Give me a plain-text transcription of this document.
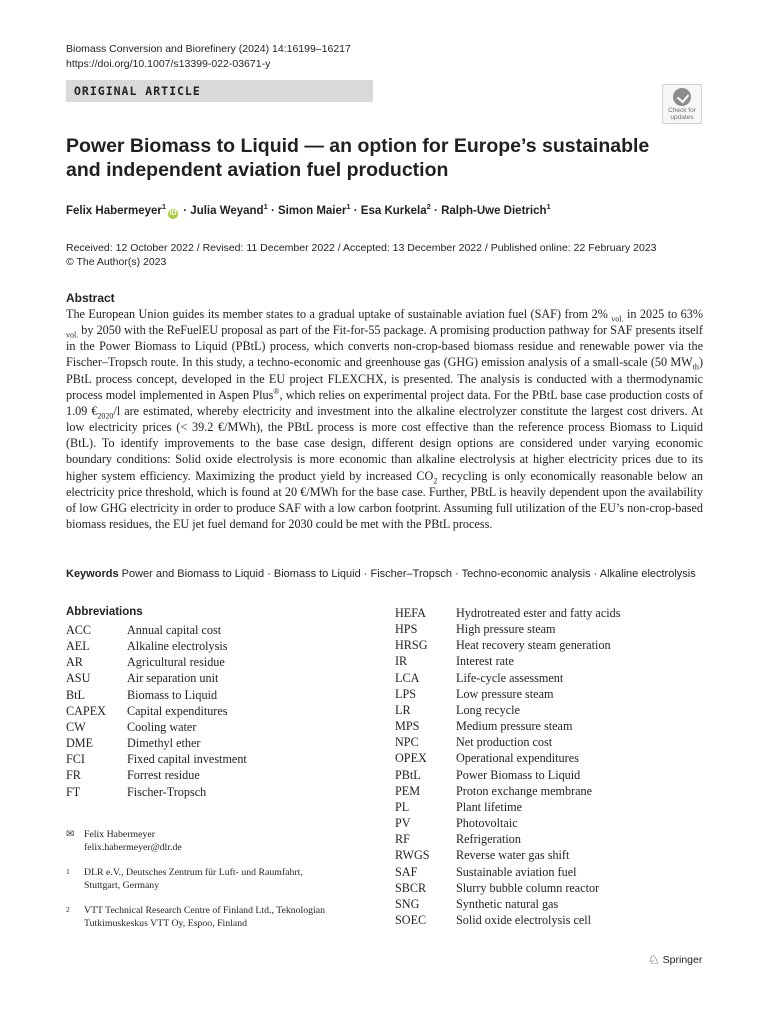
Biomass Conversion and Biorefinery (2024) 14:16199–16217
https://doi.org/10.1007/s13399-022-03671-y
ORIGINAL ARTICLE
Check for
updates
Power Biomass to Liquid — an option for Europe’s sustainable and independent aviation fuel production
Felix Habermeyer$^1$iD · Julia Weyand$^1$ · Simon Maier$^1$ · Esa Kurkela$^2$ · Ralph-Uwe Dietrich$^1$
Received: 12 October 2022 / Revised: 11 December 2022 / Accepted: 13 December 2022 / Published online: 22 February 2023
© The Author(s) 2023
Abstract
The European Union guides its member states to a gradual uptake of sustainable aviation fuel (SAF) from 2% $_{vol.}$ in 2025 to 63% $_{vol.}$ by 2050 with the ReFuelEU proposal as part of the Fit-for-55 package. A promising production pathway for SAF presents itself in the Power Biomass to Liquid (PBtL) process, which converts non-crop-based biomass residue and renewable power via the Fischer–Tropsch route. In this study, a techno-economic and greenhouse gas (GHG) emission analysis of a small-scale (50 $MW_{th}$) PBtL process concept, developed in the EU project FLEXCHX, is presented. The analysis is conducted with a thermodynamic process model implemented in Aspen Plus®, which relies on experimental project data. For the PBtL base case production costs of 1.09 $€_{2020}/l$ are estimated, whereby electricity and investment into the alkaline electrolyzer constitute the largest cost drivers. At low electricity prices (< 39.2 €/MWh), the PBtL process is more cost effective than the reference process Biomass to Liquid (BtL). To identify improvements to the base case design, different design options are considered under varying economic boundary conditions: Solid oxide electrolysis is more economic than alkaline electrolysis at higher electricity prices due to its higher system efficiency. Maximizing the product yield by increased $CO_2$ recycling is only economically reasonable below an electricity price threshold, which is found at 20 €/MWh for the base case. Further, PBtL is heavily dependent upon the availability of low GHG electricity in order to produce SAF with a low carbon footprint. Assuming full utilization of the EU’s non-crop-based biomass residues, the EU jet fuel demand for 2030 could be met with the PBtL process.
Keywords Power and Biomass to Liquid · Biomass to Liquid · Fischer–Tropsch · Techno-economic analysis · Alkaline electrolysis
Abbreviations
ACC	Annual capital cost
AEL	Alkaline electrolysis
AR	Agricultural residue
ASU	Air separation unit
BtL	Biomass to Liquid
CAPEX	Capital expenditures
CW	Cooling water
DME	Dimethyl ether
FCI	Fixed capital investment
FR	Forrest residue
FT	Fischer-Tropsch
HEFA	Hydrotreated ester and fatty acids
HPS	High pressure steam
HRSG	Heat recovery steam generation
IR	Interest rate
LCA	Life-cycle assessment
LPS	Low pressure steam
LR	Long recycle
MPS	Medium pressure steam
NPC	Net production cost
OPEX	Operational expenditures
PBtL	Power Biomass to Liquid
PEM	Proton exchange membrane
PL	Plant lifetime
PV	Photovoltaic
RF	Refrigeration
RWGS	Reverse water gas shift
SAF	Sustainable aviation fuel
SBCR	Slurry bubble column reactor
SNG	Synthetic natural gas
SOEC	Solid oxide electrolysis cell
✉ Felix Habermeyer
felix.habermeyer@dlr.de
1	DLR e.V., Deutsches Zentrum für Luft- und Raumfahrt,
Stuttgart, Germany
2	VTT Technical Research Centre of Finland Ltd., Teknologian
Tutkimuskeskus VTT Oy, Espoo, Finland
♘ Springer
